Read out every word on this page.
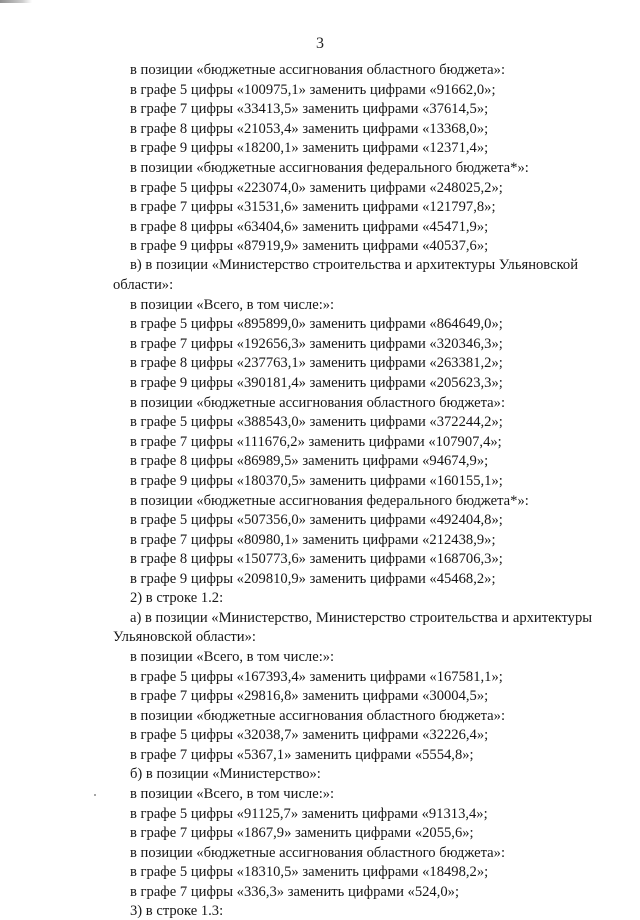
3
в позиции «бюджетные ассигнования областного бюджета»:
в графе 5 цифры «100975,1» заменить цифрами «91662,0»;
в графе 7 цифры «33413,5» заменить цифрами «37614,5»;
в графе 8 цифры «21053,4» заменить цифрами «13368,0»;
в графе 9 цифры «18200,1» заменить цифрами «12371,4»;
в позиции «бюджетные ассигнования федерального бюджета*»:
в графе 5 цифры «223074,0» заменить цифрами «248025,2»;
в графе 7 цифры «31531,6» заменить цифрами «121797,8»;
в графе 8 цифры «63404,6» заменить цифрами «45471,9»;
в графе 9 цифры «87919,9» заменить цифрами «40537,6»;
в) в позиции «Министерство строительства и архитектуры Ульяновской
области»:
в позиции «Всего, в том числе:»:
в графе 5 цифры «895899,0» заменить цифрами «864649,0»;
в графе 7 цифры «192656,3» заменить цифрами «320346,3»;
в графе 8 цифры «237763,1» заменить цифрами «263381,2»;
в графе 9 цифры «390181,4» заменить цифрами «205623,3»;
в позиции «бюджетные ассигнования областного бюджета»:
в графе 5 цифры «388543,0» заменить цифрами «372244,2»;
в графе 7 цифры «111676,2» заменить цифрами «107907,4»;
в графе 8 цифры «86989,5» заменить цифрами «94674,9»;
в графе 9 цифры «180370,5» заменить цифрами «160155,1»;
в позиции «бюджетные ассигнования федерального бюджета*»:
в графе 5 цифры «507356,0» заменить цифрами «492404,8»;
в графе 7 цифры «80980,1» заменить цифрами «212438,9»;
в графе 8 цифры «150773,6» заменить цифрами «168706,3»;
в графе 9 цифры «209810,9» заменить цифрами «45468,2»;
2) в строке 1.2:
а) в позиции «Министерство, Министерство строительства и архитектуры
Ульяновской области»:
в позиции «Всего, в том числе:»:
в графе 5 цифры «167393,4» заменить цифрами «167581,1»;
в графе 7 цифры «29816,8» заменить цифрами «30004,5»;
в позиции «бюджетные ассигнования областного бюджета»:
в графе 5 цифры «32038,7» заменить цифрами «32226,4»;
в графе 7 цифры «5367,1» заменить цифрами «5554,8»;
б) в позиции «Министерство»:
в позиции «Всего, в том числе:»:
в графе 5 цифры «91125,7» заменить цифрами «91313,4»;
в графе 7 цифры «1867,9» заменить цифрами «2055,6»;
в позиции «бюджетные ассигнования областного бюджета»:
в графе 5 цифры «18310,5» заменить цифрами «18498,2»;
в графе 7 цифры «336,3» заменить цифрами «524,0»;
3) в строке 1.3:
